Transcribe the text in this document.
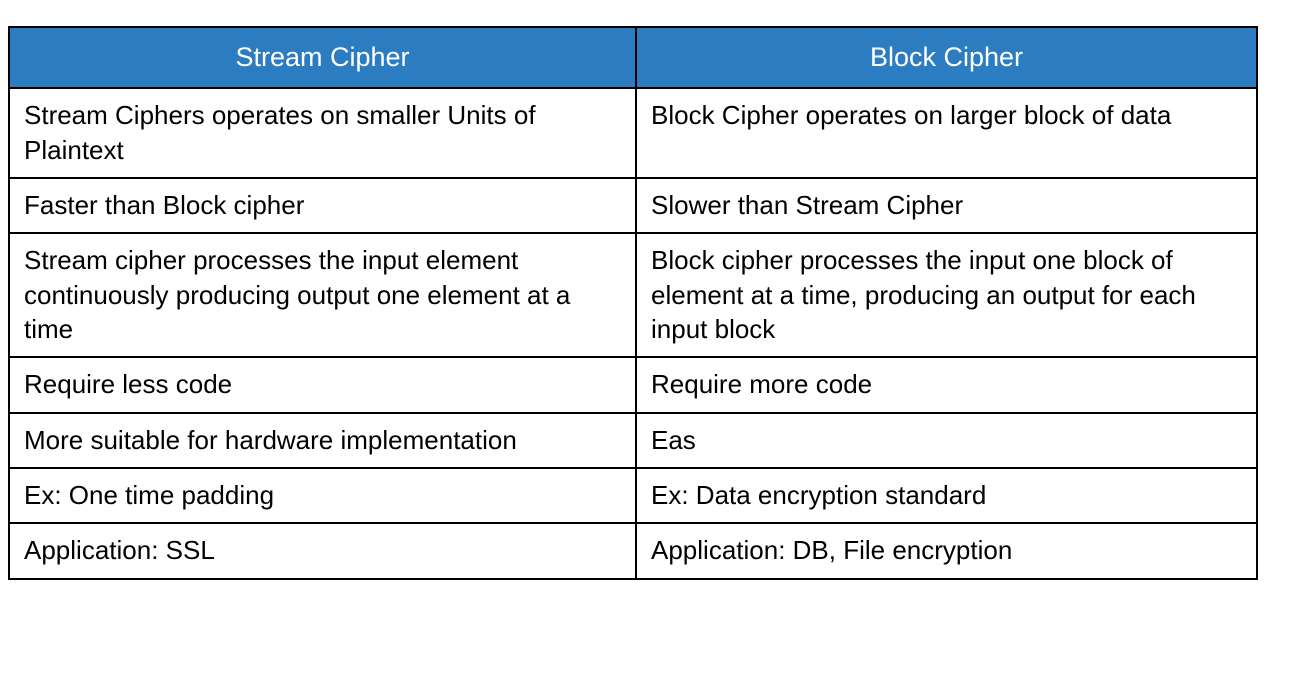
Stream Cipher	Block Cipher
Stream Ciphers operates on smaller Units of Plaintext	Block Cipher operates on larger block of data
Faster than Block cipher	Slower than Stream Cipher
Stream cipher processes the input element continuously producing output one element at a time	Block cipher processes the input one block of element at a time, producing an output for each input block
Require less code	Require more code
More suitable for hardware implementation	Eas
Ex: One time padding	Ex: Data encryption standard
Application: SSL	Application: DB, File encryption
